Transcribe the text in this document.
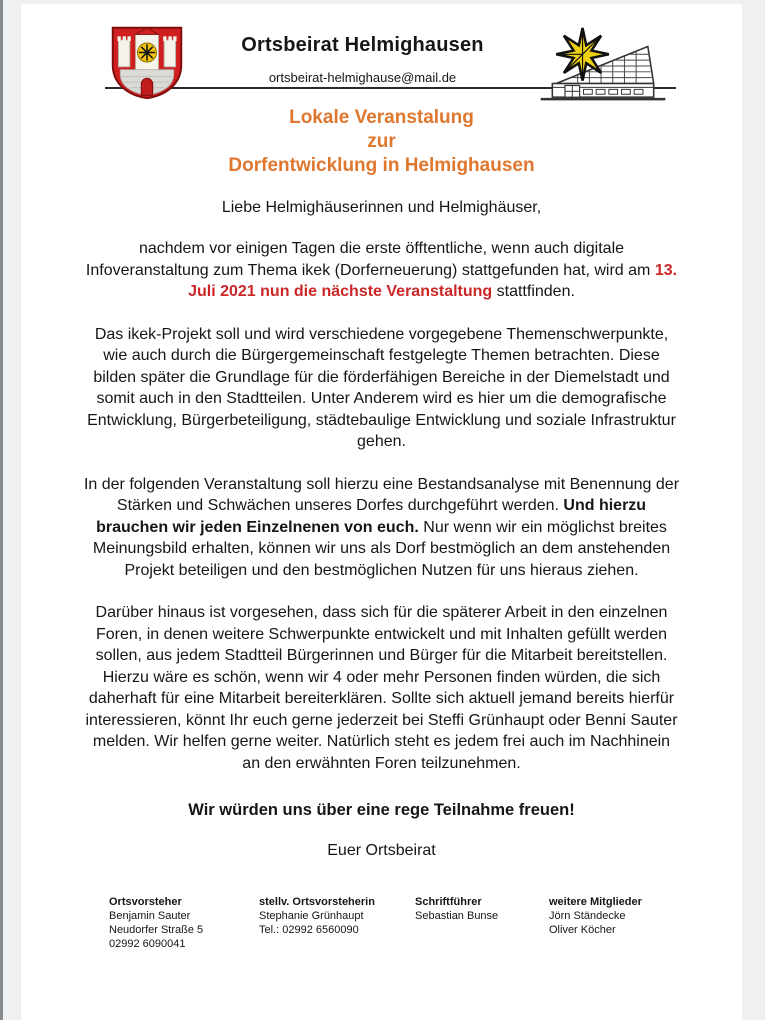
Ortsbeirat Helmighausen
ortsbeirat-helmighause@mail.de
Lokale Veranstalung
zur
Dorfentwicklung in Helmighausen

Liebe Helmighäuserinnen und Helmighäuser,

nachdem vor einigen Tagen die erste öfftentliche, wenn auch digitale Infoveranstaltung zum Thema ikek (Dorferneuerung) stattgefunden hat, wird am 13. Juli 2021 nun die nächste Veranstaltung stattfinden.

Das ikek-Projekt soll und wird verschiedene vorgegebene Themenschwerpunkte, wie auch durch die Bürgergemeinschaft festgelegte Themen betrachten. Diese bilden später die Grundlage für die förderfähigen Bereiche in der Diemelstadt und somit auch in den Stadtteilen. Unter Anderem wird es hier um die demografische Entwicklung, Bürgerbeteiligung, städtebaulige Entwicklung und soziale Infrastruktur gehen.

In der folgenden Veranstaltung soll hierzu eine Bestandsanalyse mit Benennung der Stärken und Schwächen unseres Dorfes durchgeführt werden. Und hierzu brauchen wir jeden Einzelnenen von euch. Nur wenn wir ein möglichst breites Meinungsbild erhalten, können wir uns als Dorf bestmöglich an dem anstehenden Projekt beteiligen und den bestmöglichen Nutzen für uns hieraus ziehen.

Darüber hinaus ist vorgesehen, dass sich für die späterer Arbeit in den einzelnen Foren, in denen weitere Schwerpunkte entwickelt und mit Inhalten gefüllt werden sollen, aus jedem Stadtteil Bürgerinnen und Bürger für die Mitarbeit bereitstellen. Hierzu wäre es schön, wenn wir 4 oder mehr Personen finden würden, die sich daherhaft für eine Mitarbeit bereiterklären. Sollte sich aktuell jemand bereits hierfür interessieren, könnt Ihr euch gerne jederzeit bei Steffi Grünhaupt oder Benni Sauter melden. Wir helfen gerne weiter. Natürlich steht es jedem frei auch im Nachhinein an den erwähnten Foren teilzunehmen.

Wir würden uns über eine rege Teilnahme freuen!

Euer Ortsbeirat

Ortsvorsteher
Benjamin Sauter
Neudorfer Straße 5
02992 6090041
stellv. Ortsvorsteherin
Stephanie Grünhaupt
Tel.: 02992 6560090
Schriftführer
Sebastian Bunse
weitere Mitglieder
Jörn Ständecke
Oliver Köcher
